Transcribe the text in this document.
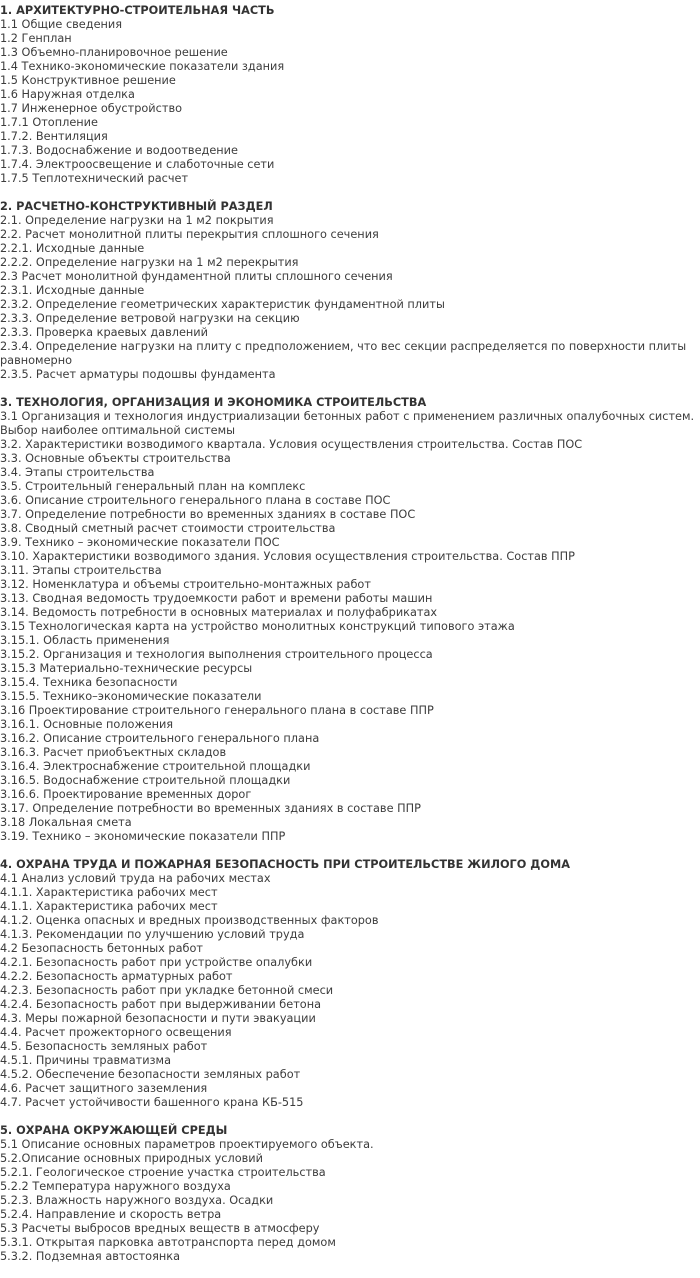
1. АРХИТЕКТУРНО-СТРОИТЕЛЬНАЯ ЧАСТЬ
1.1 Общие сведения
1.2 Генплан
1.3 Объемно-планировочное решение
1.4 Технико-экономические показатели здания
1.5 Конструктивное решение
1.6 Наружная отделка
1.7 Инженерное обустройство
1.7.1 Отопление
1.7.2. Вентиляция
1.7.3. Водоснабжение и водоотведение
1.7.4. Электроосвещение и слаботочные сети
1.7.5 Теплотехнический расчет
2. РАСЧЕТНО-КОНСТРУКТИВНЫЙ РАЗДЕЛ
2.1. Определение нагрузки на 1 м2 покрытия
2.2. Расчет монолитной плиты перекрытия сплошного сечения
2.2.1. Исходные данные
2.2.2. Определение нагрузки на 1 м2 перекрытия
2.3 Расчет монолитной фундаментной плиты сплошного сечения
2.3.1. Исходные данные
2.3.2. Определение геометрических характеристик фундаментной плиты
2.3.3. Определение ветровой нагрузки на секцию
2.3.3. Проверка краевых давлений
2.3.4. Определение нагрузки на плиту с предположением, что вес секции распределяется по поверхности плиты равномерно
2.3.5. Расчет арматуры подошвы фундамента
3. ТЕХНОЛОГИЯ, ОРГАНИЗАЦИЯ И ЭКОНОМИКА СТРОИТЕЛЬСТВА
3.1 Организация и технология индустриализации бетонных работ с применением различных опалубочных систем. Выбор наиболее оптимальной системы
3.2. Характеристики возводимого квартала. Условия осуществления строительства. Состав ПОС
3.3. Основные объекты строительства
3.4. Этапы строительства
3.5. Строительный генеральный план на комплекс
3.6. Описание строительного генерального плана в составе ПОС
3.7. Определение потребности во временных зданиях в составе ПОС
3.8. Сводный сметный расчет стоимости строительства
3.9. Технико – экономические показатели ПОС
3.10. Характеристики возводимого здания. Условия осуществления строительства. Состав ППР
3.11. Этапы строительства
3.12. Номенклатура и объемы строительно-монтажных работ
3.13. Сводная ведомость трудоемкости работ и времени работы машин
3.14. Ведомость потребности в основных материалах и полуфабрикатах
3.15 Технологическая карта на устройство монолитных конструкций типового этажа
3.15.1. Область применения
3.15.2. Организация и технология выполнения строительного процесса
3.15.3 Материально-технические ресурсы
3.15.4. Техника безопасности
3.15.5. Технико–экономические показатели
3.16 Проектирование строительного генерального плана в составе ППР
3.16.1. Основные положения
3.16.2. Описание строительного генерального плана
3.16.3. Расчет приобъектных складов
3.16.4. Электроснабжение строительной площадки
3.16.5. Водоснабжение строительной площадки
3.16.6. Проектирование временных дорог
3.17. Определение потребности во временных зданиях в составе ППР
3.18 Локальная смета
3.19. Технико – экономические показатели ППР
4. ОХРАНА ТРУДА И ПОЖАРНАЯ БЕЗОПАСНОСТЬ ПРИ СТРОИТЕЛЬСТВЕ ЖИЛОГО ДОМА
4.1 Анализ условий труда на рабочих местах
4.1.1. Характеристика рабочих мест
4.1.1. Характеристика рабочих мест
4.1.2. Оценка опасных и вредных производственных факторов
4.1.3. Рекомендации по улучшению условий труда
4.2 Безопасность бетонных работ
4.2.1. Безопасность работ при устройстве опалубки
4.2.2. Безопасность арматурных работ
4.2.3. Безопасность работ при укладке бетонной смеси
4.2.4. Безопасность работ при выдерживании бетона
4.3. Меры пожарной безопасности и пути эвакуации
4.4. Расчет прожекторного освещения
4.5. Безопасность земляных работ
4.5.1. Причины травматизма
4.5.2. Обеспечение безопасности земляных работ
4.6. Расчет защитного заземления
4.7. Расчет устойчивости башенного крана КБ-515
5. ОХРАНА ОКРУЖАЮЩЕЙ СРЕДЫ
5.1 Описание основных параметров проектируемого объекта.
5.2.Описание основных природных условий
5.2.1. Геологическое строение участка строительства
5.2.2 Температура наружного воздуха
5.2.3. Влажность наружного воздуха. Осадки
5.2.4. Направление и скорость ветра
5.3 Расчеты выбросов вредных веществ в атмосферу
5.3.1. Открытая парковка автотранспорта перед домом
5.3.2. Подземная автостоянка
